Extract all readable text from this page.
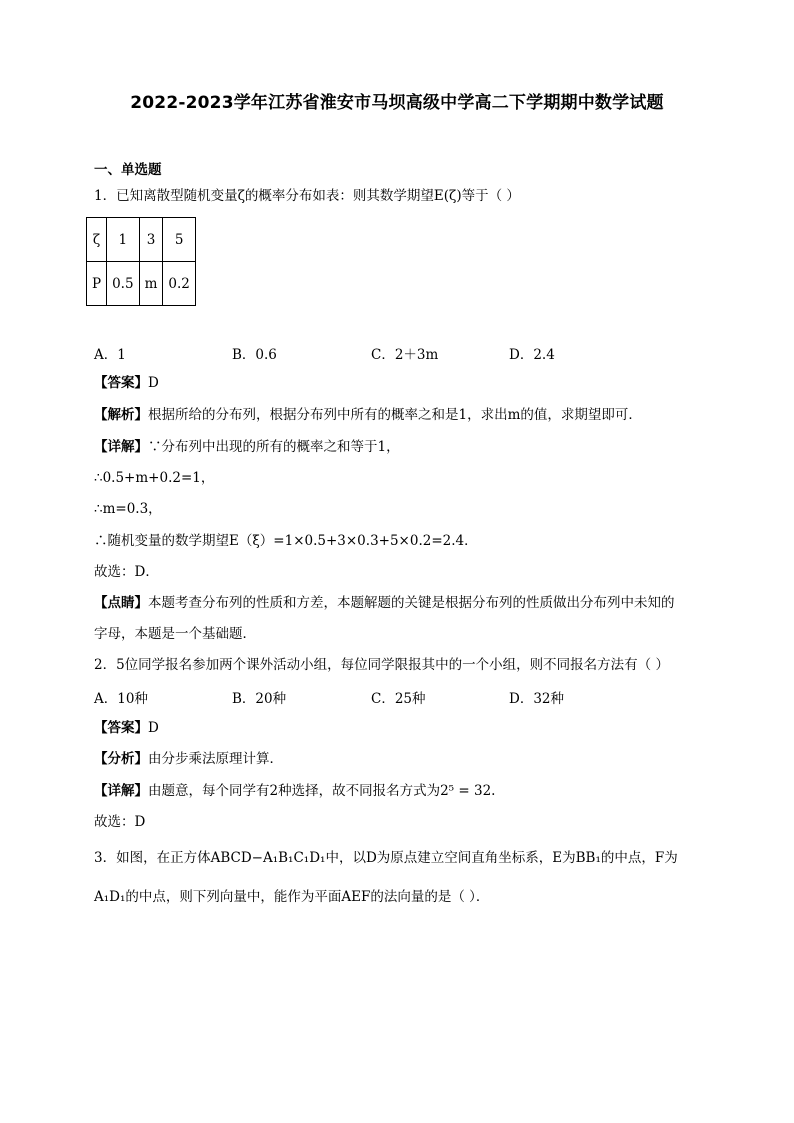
2022-2023学年江苏省淮安市马坝高级中学高二下学期期中数学试题
一、单选题
1．已知离散型随机变量ζ的概率分布如表：则其数学期望E(ζ)等于（ ）
ζ	1	3	5
P	0.5	m	0.2
A．1	B．0.6	C．2＋3m	D．2.4
【答案】D
【解析】根据所给的分布列，根据分布列中所有的概率之和是1，求出m的值，求期望即可．
【详解】∵分布列中出现的所有的概率之和等于1，
∴0.5+m+0.2=1，
∴m=0.3，
∴随机变量的数学期望E（ξ）=1×0.5+3×0.3+5×0.2=2.4．
故选：D．
【点睛】本题考查分布列的性质和方差，本题解题的关键是根据分布列的性质做出分布列中未知的
字母，本题是一个基础题．
2．5位同学报名参加两个课外活动小组，每位同学限报其中的一个小组，则不同报名方法有（ ）
A．10种	B．20种	C．25种	D．32种
【答案】D
【分析】由分步乘法原理计算．
【详解】由题意，每个同学有2种选择，故不同报名方式为2⁵ = 32.
故选：D
3．如图，在正方体ABCD−A₁B₁C₁D₁中，以D为原点建立空间直角坐标系，E为BB₁的中点，F为
A₁D₁的中点，则下列向量中，能作为平面AEF的法向量的是（ ）．
